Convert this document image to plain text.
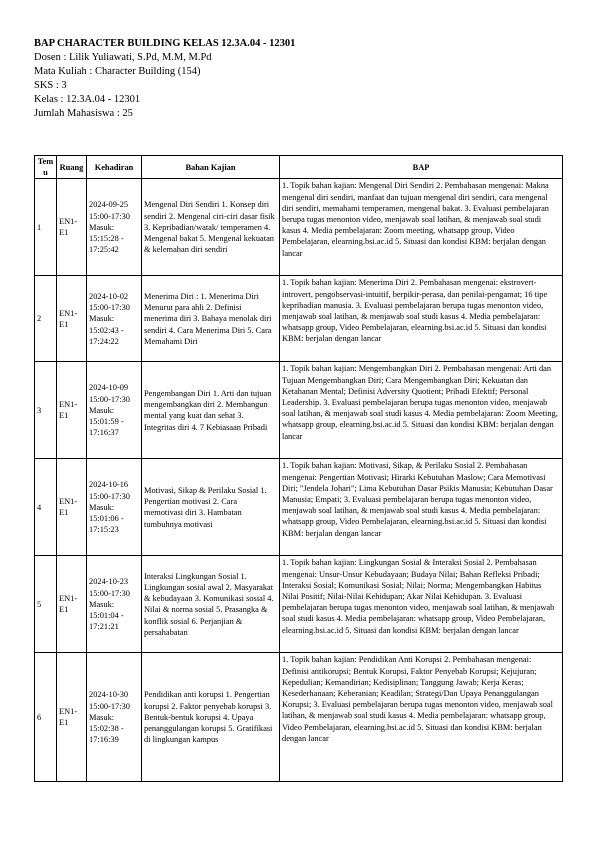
BAP CHARACTER BUILDING KELAS 12.3A.04 - 12301
Dosen : Lilik Yuliawati, S.Pd, M.M, M.Pd
Mata Kuliah : Character Building (154)
SKS : 3
Kelas : 12.3A.04 - 12301
Jumlah Mahasiswa : 25
Temu	Ruang	Kehadiran	Bahan Kajian	BAP
1	EN1-E1	2024-09-25 15:00-17:30 Masuk: 15:15:28 - 17:25:42	Mengenal Diri Sendiri 1. Konsep diri sendiri 2. Mengenal ciri-ciri dasar fisik 3. Kepribadian/watak/ temperamen 4. Mengenal bakat 5. Mengenal kekuatan & kelemahan diri sendiri	1. Topik bahan kajian: Mengenal Diri Sendiri 2. Pembahasan mengenai: Makna mengenal diri sendiri, manfaat dan tujuan mengenal diri sendiri, cara mengenal diri sendiri, memahami temperamen, mengenal bakat. 3. Evaluasi pembelajaran berupa tugas menonton video, menjawab soal latihan, & menjawab soal studi kasus 4. Media pembelajaran: Zoom meeting, whatsapp group, Video Pembelajaran, elearning.bsi.ac.id 5. Situasi dan kondisi KBM: berjalan dengan lancar
2	EN1-E1	2024-10-02 15:00-17:30 Masuk: 15:02:43 - 17:24:22	Menerima Diri : 1. Menerima Diri Menurut para ahli 2. Definisi menerima diri 3. Bahaya menolak diri sendiri 4. Cara Menerima Diri 5. Cara Memahami Diri	1. Topik bahan kajian: Menerima Diri 2. Pembahasan mengenai: ekstrovert-introvert, pengobservasi-intuitif, berpikir-perasa, dan penilai-pengamat; 16 tipe kepribadian manusia. 3. Evaluasi pembelajaran berupa tugas menonton video, menjawab soal latihan, & menjawab soal studi kasus 4. Media pembelajaran: whatsapp group, Video Pembelajaran, elearning.bsi.ac.id 5. Situasi dan kondisi KBM: berjalan dengan lancar
3	EN1-E1	2024-10-09 15:00-17:30 Masuk: 15:01:59 - 17:16:37	Pengembangan Diri 1. Arti dan tujuan mengembangkan diri 2. Membangun mental yang kuat dan sehat 3. Integritas diri 4. 7 Kebiasaan Pribadi	1. Topik bahan kajian: Mengembangkan Diri 2. Pembahasan mengenai: Arti dan Tujuan Mengembangkan Diri; Cara Mengembangkan Diri; Kekuatan dan Ketahanan Mental; Definisi Adversity Quotient; Pribadi Efektif; Personal Leadership. 3. Evaluasi pembelajaran berupa tugas menonton video, menjawab soal latihan, & menjawab soal studi kasus 4. Media pembelajaran: Zoom Meeting, whatsapp group, elearning.bsi.ac.id 5. Situasi dan kondisi KBM: berjalan dengan lancar
4	EN1-E1	2024-10-16 15:00-17:30 Masuk: 15:01:06 - 17:15:23	Motivasi, Sikap & Perilaku Sosial 1. Pengertian motivasi 2. Cara memotivasi diri 3. Hambatan tumbuhnya motivasi	1. Topik bahan kajian: Motivasi, Sikap, & Perilaku Sosial 2. Pembahasan mengenai: Pengertian Motivasi; Hirarki Kebutuhan Maslow; Cara Memotivasi Diri; "Jendela Johari"; Lima Kebutuhan Dasar Psikis Manusia; Kebutuhan Dasar Manusia; Empati; 3. Evaluasi pembelajaran berupa tugas menonton video, menjawab soal latihan, & menjawab soal studi kasus 4. Media pembelajaran: whatsapp group, Video Pembelajaran, elearning.bsi.ac.id 5. Situasi dan kondisi KBM: berjalan dengan lancar
5	EN1-E1	2024-10-23 15:00-17:30 Masuk: 15:01:04 - 17:21:21	Interaksi Lingkungan Sosial 1. Lingkungan sosial awal 2. Masyarakat & kebudayaan 3. Komunikasi sosial 4. Nilai & norma sosial 5. Prasangka & konflik sosial 6. Perjanjian & persahabatan	1. Topik bahan kajian: Lingkungan Sosial & Interaksi Sosial 2. Pembahasan mengenai: Unsur-Unsur Kebudayaan; Budaya Nilai; Bahan Refleksi Pribadi; Interaksi Sosial; Komunikasi Sosial; Nilai; Norma; Mengembangkan Habitus Nilai Positif; Nilai-Nilai Kehidupan; Akar Nilai Kehidupan. 3. Evaluasi pembelajaran berupa tugas menonton video, menjawab soal latihan, & menjawab soal studi kasus 4. Media pembelajaran: whatsapp group, Video Pembelajaran, elearning.bsi.ac.id 5. Situasi dan kondisi KBM: berjalan dengan lancar
6	EN1-E1	2024-10-30 15:00-17:30 Masuk: 15:02:38 - 17:16:39	Pendidikan anti korupsi 1. Pengertian korupsi 2. Faktor penyebab korupsi 3. Bentuk-bentuk korupsi 4. Upaya penanggulangan korupsi 5. Gratifikasi di lingkungan kampus	1. Topik bahan kajian: Pendidikan Anti Korupsi 2. Pembahasan mengenai: Definisi antikorupsi; Bentuk Korupsi, Faktor Penyebab Korupsi; Kejujuran; Kepedulian; Kemandirian; Kedisiplinan; Tanggung Jawab; Kerja Keras; Kesederhanaan; Keberanian; Keadilan; Strategi/Dan Upaya Penanggulangan Korupsi; 3. Evaluasi pembelajaran berupa tugas menonton video, menjawab soal latihan, & menjawab soal studi kasus 4. Media pembelajaran: whatsapp group, Video Pembelajaran, elearning.bsi.ac.id 5. Situasi dan kondisi KBM: berjalan dengan lancar
